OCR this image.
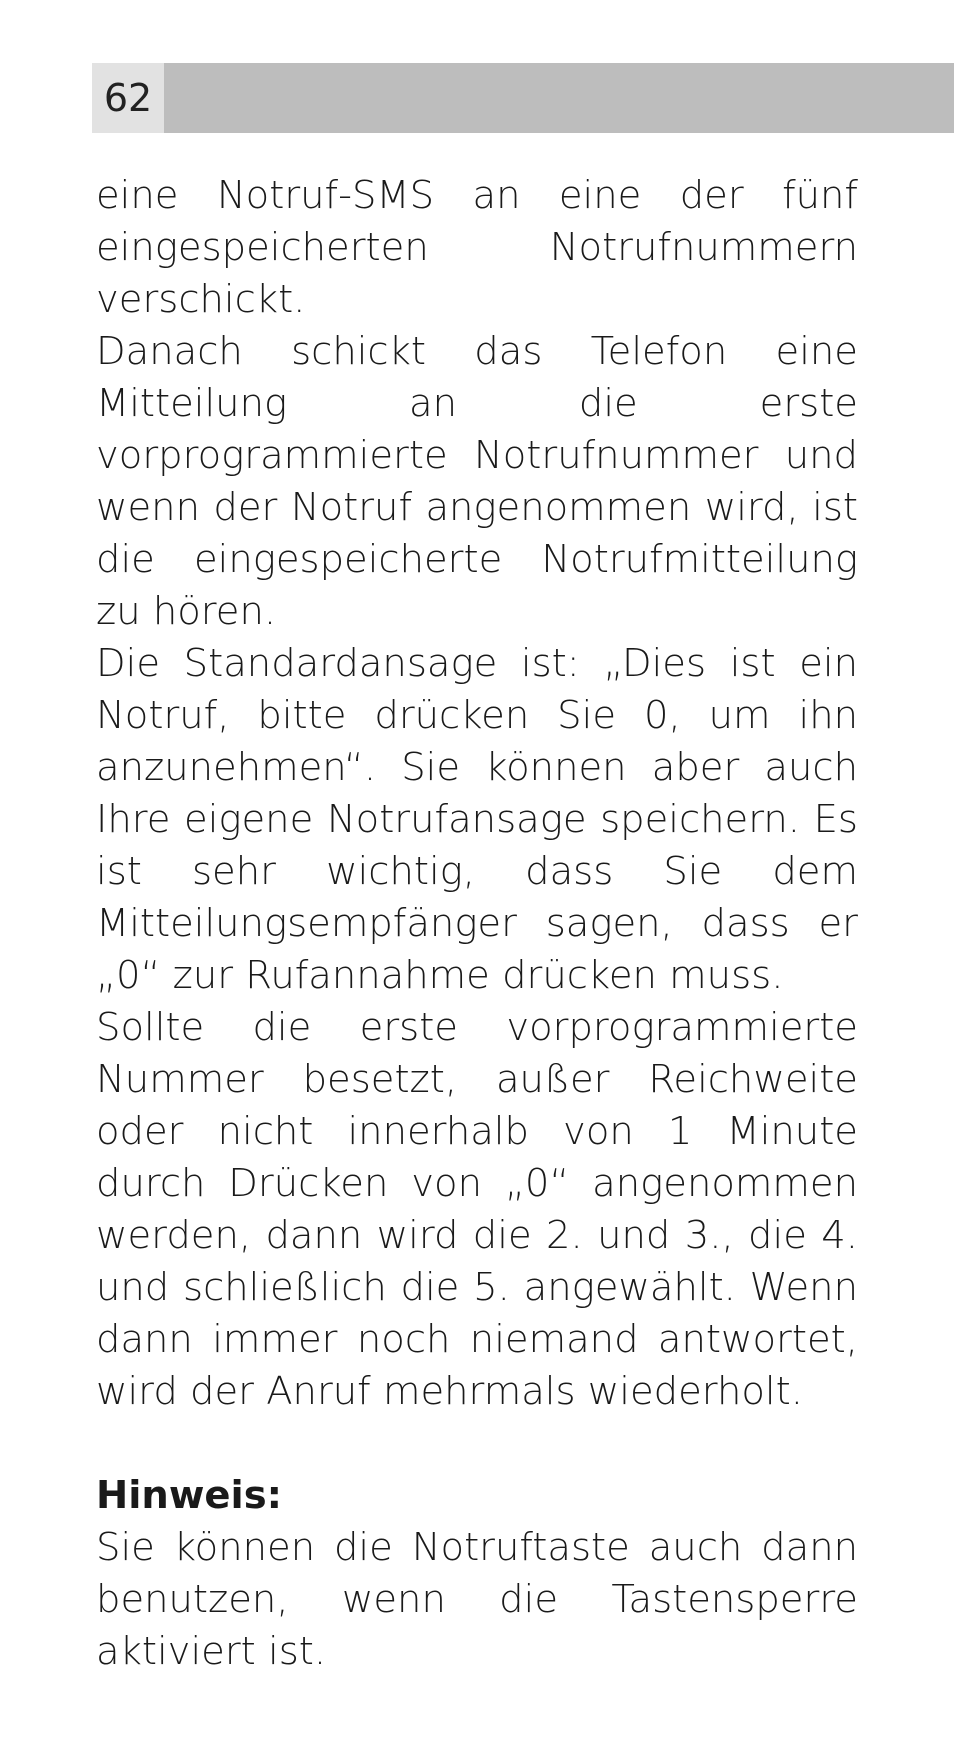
62

eine Notruf-SMS an eine der fünf eingespeicherten Notrufnummern verschickt.

Danach schickt das Telefon eine Mitteilung an die erste vorprogrammierte Notrufnummer und wenn der Notruf angenommen wird, ist die eingespeicherte Notrufmitteilung zu hören.

Die Standardansage ist: „Dies ist ein Notruf, bitte drücken Sie 0, um ihn anzunehmen“. Sie können aber auch Ihre eigene Notrufansage speichern. Es ist sehr wichtig, dass Sie dem Mitteilungsempfänger sagen, dass er „0“ zur Rufannahme drücken muss.

Sollte die erste vorprogrammierte Nummer besetzt, außer Reichweite oder nicht innerhalb von 1 Minute durch Drücken von „0“ angenommen werden, dann wird die 2. und 3., die 4. und schließlich die 5. angewählt. Wenn dann immer noch niemand antwortet, wird der Anruf mehrmals wiederholt.

Hinweis:

Sie können die Notruftaste auch dann benutzen, wenn die Tastensperre aktiviert ist.
